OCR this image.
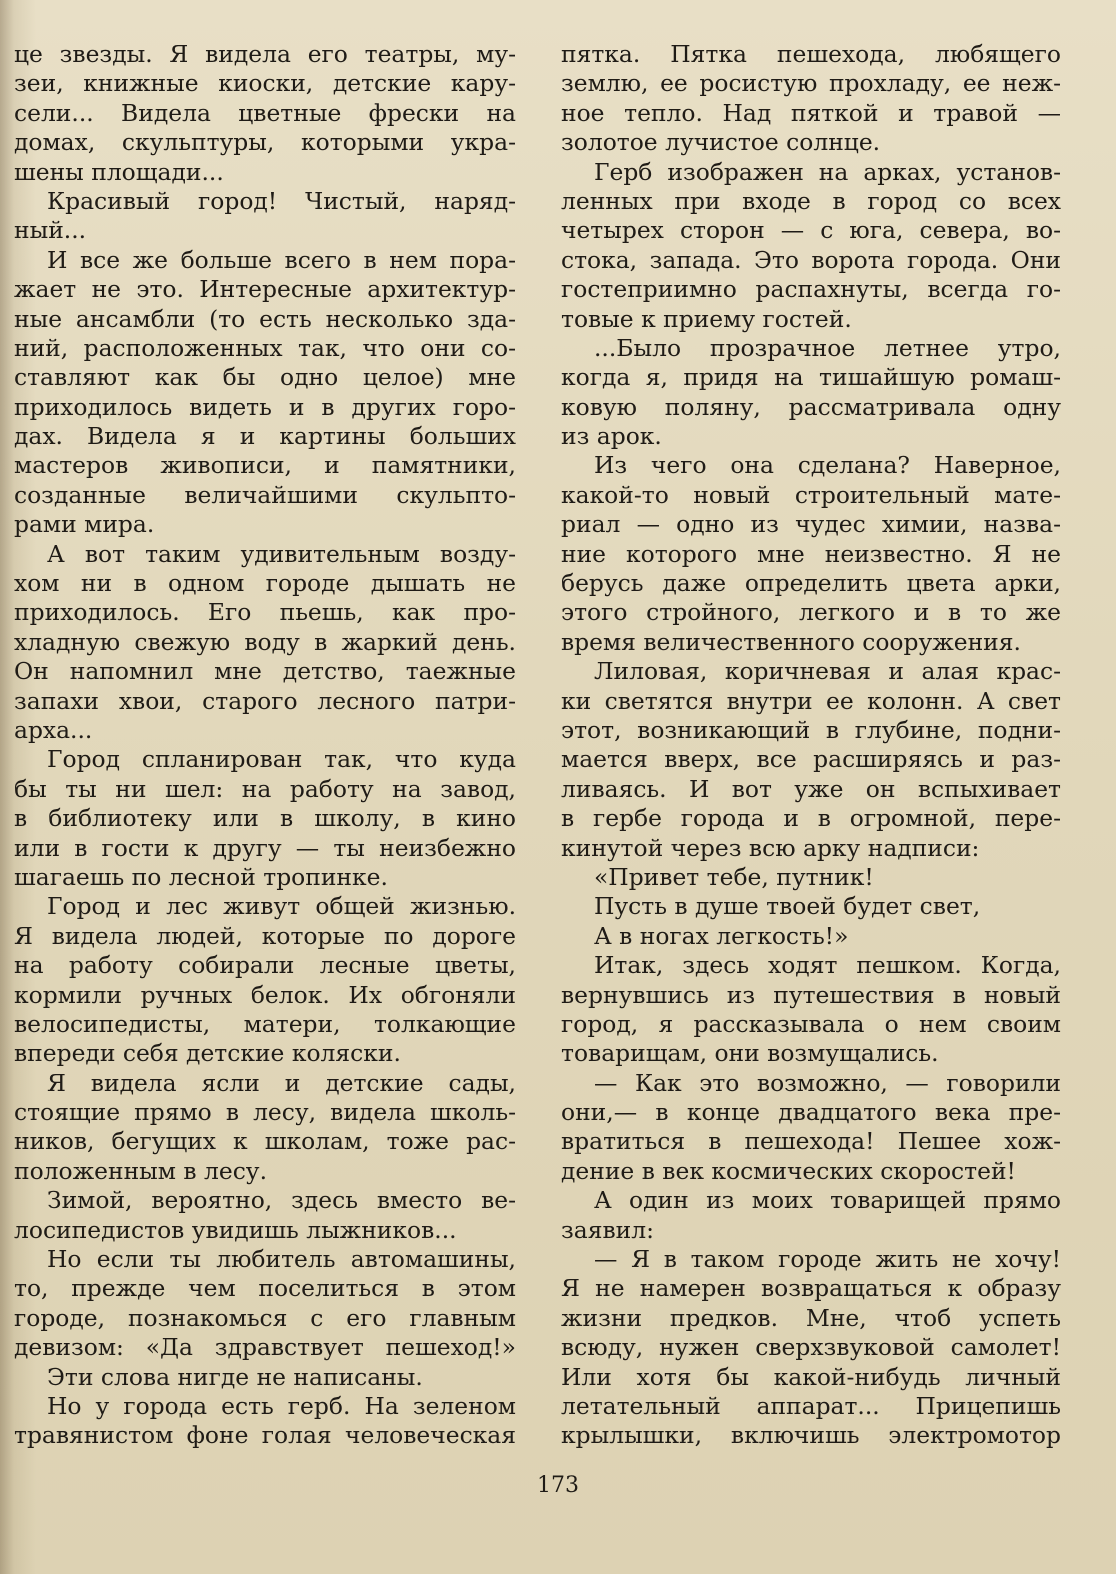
це звезды. Я видела его театры, му-
зеи, книжные киоски, детские кару-
сели... Видела цветные фрески на
домах, скульптуры, которыми укра-
шены площади...
Красивый город! Чистый, наряд-
ный...
И все же больше всего в нем пора-
жает не это. Интересные архитектур-
ные ансамбли (то есть несколько зда-
ний, расположенных так, что они со-
ставляют как бы одно целое) мне
приходилось видеть и в других горо-
дах. Видела я и картины больших
мастеров живописи, и памятники,
созданные величайшими скульпто-
рами мира.
А вот таким удивительным возду-
хом ни в одном городе дышать не
приходилось. Его пьешь, как про-
хладную свежую воду в жаркий день.
Он напомнил мне детство, таежные
запахи хвои, старого лесного патри-
арха...
Город спланирован так, что куда
бы ты ни шел: на работу на завод,
в библиотеку или в школу, в кино
или в гости к другу — ты неизбежно
шагаешь по лесной тропинке.
Город и лес живут общей жизнью.
Я видела людей, которые по дороге
на работу собирали лесные цветы,
кормили ручных белок. Их обгоняли
велосипедисты, матери, толкающие
впереди себя детские коляски.
Я видела ясли и детские сады,
стоящие прямо в лесу, видела школь-
ников, бегущих к школам, тоже рас-
положенным в лесу.
Зимой, вероятно, здесь вместо ве-
лосипедистов увидишь лыжников...
Но если ты любитель автомашины,
то, прежде чем поселиться в этом
городе, познакомься с его главным
девизом: «Да здравствует пешеход!»
Эти слова нигде не написаны.
Но у города есть герб. На зеленом
травянистом фоне голая человеческая
пятка. Пятка пешехода, любящего
землю, ее росистую прохладу, ее неж-
ное тепло. Над пяткой и травой —
золотое лучистое солнце.
Герб изображен на арках, установ-
ленных при входе в город со всех
четырех сторон — с юга, севера, во-
стока, запада. Это ворота города. Они
гостеприимно распахнуты, всегда го-
товые к приему гостей.
...Было прозрачное летнее утро,
когда я, придя на тишайшую ромаш-
ковую поляну, рассматривала одну
из арок.
Из чего она сделана? Наверное,
какой-то новый строительный мате-
риал — одно из чудес химии, назва-
ние которого мне неизвестно. Я не
берусь даже определить цвета арки,
этого стройного, легкого и в то же
время величественного сооружения.
Лиловая, коричневая и алая крас-
ки светятся внутри ее колонн. А свет
этот, возникающий в глубине, подни-
мается вверх, все расширяясь и раз-
ливаясь. И вот уже он вспыхивает
в гербе города и в огромной, пере-
кинутой через всю арку надписи:
«Привет тебе, путник!
Пусть в душе твоей будет свет,
А в ногах легкость!»
Итак, здесь ходят пешком. Когда,
вернувшись из путешествия в новый
город, я рассказывала о нем своим
товарищам, они возмущались.
— Как это возможно, — говорили
они,— в конце двадцатого века пре-
вратиться в пешехода! Пешее хож-
дение в век космических скоростей!
А один из моих товарищей прямо
заявил:
— Я в таком городе жить не хочу!
Я не намерен возвращаться к образу
жизни предков. Мне, чтоб успеть
всюду, нужен сверхзвуковой самолет!
Или хотя бы какой-нибудь личный
летательный аппарат... Прицепишь
крылышки, включишь электромотор
173
